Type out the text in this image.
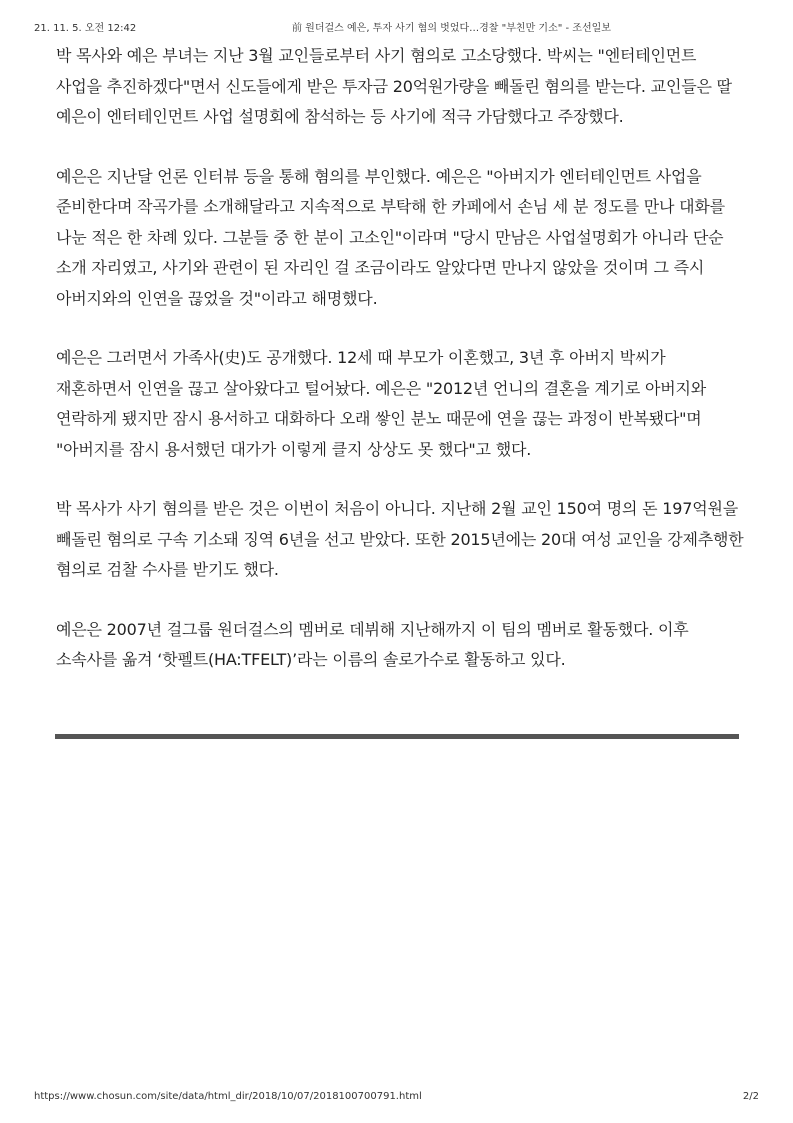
21. 11. 5. 오전 12:42	前 원더걸스 예은, 투자 사기 혐의 벗었다…경찰 "부친만 기소" - 조선일보

박 목사와 예은 부녀는 지난 3월 교인들로부터 사기 혐의로 고소당했다. 박씨는 "엔터테인먼트 사업을 추진하겠다"면서 신도들에게 받은 투자금 20억원가량을 빼돌린 혐의를 받는다. 교인들은 딸 예은이 엔터테인먼트 사업 설명회에 참석하는 등 사기에 적극 가담했다고 주장했다.

예은은 지난달 언론 인터뷰 등을 통해 혐의를 부인했다. 예은은 "아버지가 엔터테인먼트 사업을 준비한다며 작곡가를 소개해달라고 지속적으로 부탁해 한 카페에서 손님 세 분 정도를 만나 대화를 나눈 적은 한 차례 있다. 그분들 중 한 분이 고소인"이라며 "당시 만남은 사업설명회가 아니라 단순 소개 자리였고, 사기와 관련이 된 자리인 걸 조금이라도 알았다면 만나지 않았을 것이며 그 즉시 아버지와의 인연을 끊었을 것"이라고 해명했다.

예은은 그러면서 가족사(史)도 공개했다. 12세 때 부모가 이혼했고, 3년 후 아버지 박씨가 재혼하면서 인연을 끊고 살아왔다고 털어놨다. 예은은 "2012년 언니의 결혼을 계기로 아버지와 연락하게 됐지만 잠시 용서하고 대화하다 오래 쌓인 분노 때문에 연을 끊는 과정이 반복됐다"며 "아버지를 잠시 용서했던 대가가 이렇게 클지 상상도 못 했다"고 했다.

박 목사가 사기 혐의를 받은 것은 이번이 처음이 아니다. 지난해 2월 교인 150여 명의 돈 197억원을 빼돌린 혐의로 구속 기소돼 징역 6년을 선고 받았다. 또한 2015년에는 20대 여성 교인을 강제추행한 혐의로 검찰 수사를 받기도 했다.

예은은 2007년 걸그룹 원더걸스의 멤버로 데뷔해 지난해까지 이 팀의 멤버로 활동했다. 이후 소속사를 옮겨 ‘핫펠트(HA:TFELT)’라는 이름의 솔로가수로 활동하고 있다.

https://www.chosun.com/site/data/html_dir/2018/10/07/2018100700791.html	2/2
